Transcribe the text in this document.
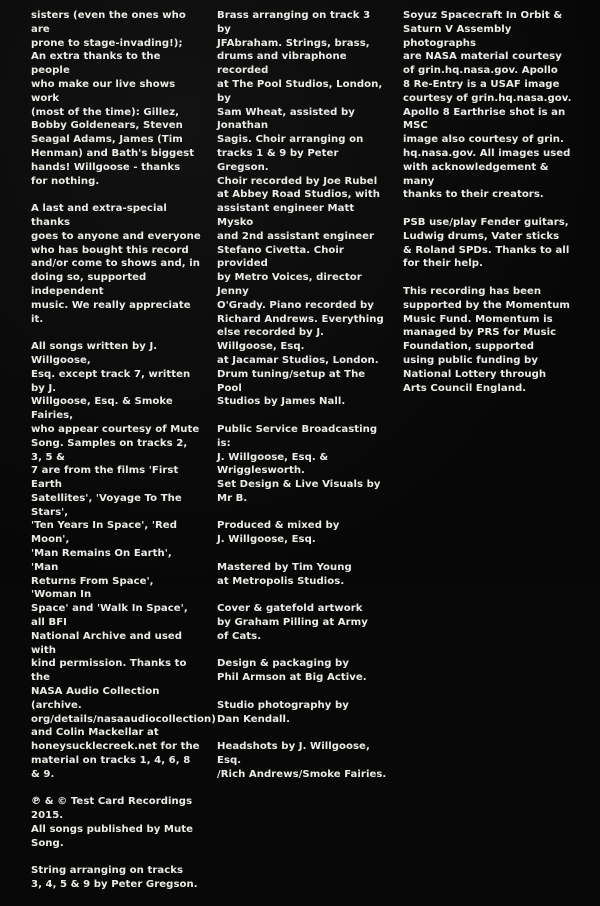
sisters (even the ones who are
prone to stage-invading!);
An extra thanks to the people
who make our live shows work
(most of the time): Gillez,
Bobby Goldenears, Steven
Seagal Adams, James (Tim
Henman) and Bath's biggest
hands! Willgoose - thanks
for nothing.

A last and extra-special thanks
goes to anyone and everyone
who has bought this record
and/or come to shows and, in
doing so, supported independent
music. We really appreciate it.

All songs written by J. Willgoose,
Esq. except track 7, written by J.
Willgoose, Esq. & Smoke Fairies,
who appear courtesy of Mute
Song. Samples on tracks 2, 3, 5 &
7 are from the films 'First Earth
Satellites', 'Voyage To The Stars',
'Ten Years In Space', 'Red Moon',
'Man Remains On Earth', 'Man
Returns From Space', 'Woman In
Space' and 'Walk In Space', all BFI
National Archive and used with
kind permission. Thanks to the
NASA Audio Collection (archive.
org/details/nasaaudiocollection)
and Colin Mackellar at
honeysucklecreek.net for the
material on tracks 1, 4, 6, 8 & 9.

℗ & © Test Card Recordings 2015.
All songs published by Mute Song.

String arranging on tracks
3, 4, 5 & 9 by Peter Gregson.

Brass arranging on track 3 by
JFAbraham. Strings, brass,
drums and vibraphone recorded
at The Pool Studios, London, by
Sam Wheat, assisted by Jonathan
Sagis. Choir arranging on
tracks 1 & 9 by Peter Gregson.
Choir recorded by Joe Rubel
at Abbey Road Studios, with
assistant engineer Matt Mysko
and 2nd assistant engineer
Stefano Civetta. Choir provided
by Metro Voices, director Jenny
O'Grady. Piano recorded by
Richard Andrews. Everything
else recorded by J. Willgoose, Esq.
at Jacamar Studios, London.
Drum tuning/setup at The Pool
Studios by James Nall.

Public Service Broadcasting is:
J. Willgoose, Esq. & Wrigglesworth.
Set Design & Live Visuals by Mr B.

Produced & mixed by
J. Willgoose, Esq.

Mastered by Tim Young
at Metropolis Studios.

Cover & gatefold artwork
by Graham Pilling at Army
of Cats.

Design & packaging by
Phil Armson at Big Active.

Studio photography by
Dan Kendall.

Headshots by J. Willgoose, Esq.
/Rich Andrews/Smoke Fairies.

Soyuz Spacecraft In Orbit &
Saturn V Assembly photographs
are NASA material courtesy
of grin.hq.nasa.gov. Apollo
8 Re-Entry is a USAF image
courtesy of grin.hq.nasa.gov.
Apollo 8 Earthrise shot is an MSC
image also courtesy of grin.
hq.nasa.gov. All images used
with acknowledgement & many
thanks to their creators.

PSB use/play Fender guitars,
Ludwig drums, Vater sticks
& Roland SPDs. Thanks to all
for their help.

This recording has been
supported by the Momentum
Music Fund. Momentum is
managed by PRS for Music
Foundation, supported
using public funding by
National Lottery through
Arts Council England.
